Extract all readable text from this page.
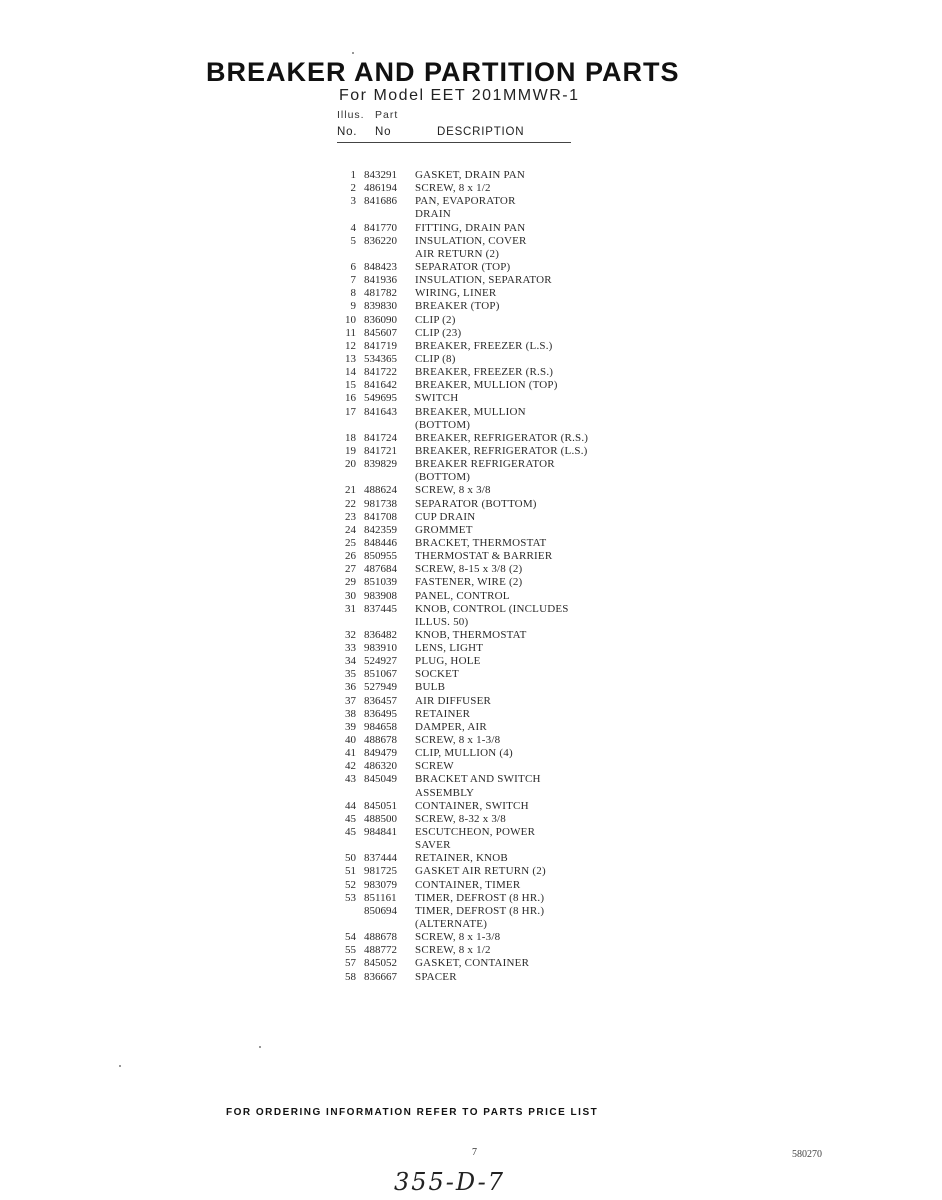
BREAKER AND PARTITION PARTS
For Model EET 201MMWR-1
Illus. Part
No. No	DESCRIPTION
1 843291 GASKET, DRAIN PAN
2 486194 SCREW, 8 x 1/2
3 841686 PAN, EVAPORATOR
DRAIN
4 841770 FITTING, DRAIN PAN
5 836220 INSULATION, COVER
AIR RETURN (2)
6 848423 SEPARATOR (TOP)
7 841936 INSULATION, SEPARATOR
8 481782 WIRING, LINER
9 839830 BREAKER (TOP)
10 836090 CLIP (2)
11 845607 CLIP (23)
12 841719 BREAKER, FREEZER (L.S.)
13 534365 CLIP (8)
14 841722 BREAKER, FREEZER (R.S.)
15 841642 BREAKER, MULLION (TOP)
16 549695 SWITCH
17 841643 BREAKER, MULLION
(BOTTOM)
18 841724 BREAKER, REFRIGERATOR (R.S.)
19 841721 BREAKER, REFRIGERATOR (L.S.)
20 839829 BREAKER REFRIGERATOR
(BOTTOM)
21 488624 SCREW, 8 x 3/8
22 981738 SEPARATOR (BOTTOM)
23 841708 CUP DRAIN
24 842359 GROMMET
25 848446 BRACKET, THERMOSTAT
26 850955 THERMOSTAT & BARRIER
27 487684 SCREW, 8-15 x 3/8 (2)
29 851039 FASTENER, WIRE (2)
30 983908 PANEL, CONTROL
31 837445 KNOB, CONTROL (INCLUDES
ILLUS. 50)
32 836482 KNOB, THERMOSTAT
33 983910 LENS, LIGHT
34 524927 PLUG, HOLE
35 851067 SOCKET
36 527949 BULB
37 836457 AIR DIFFUSER
38 836495 RETAINER
39 984658 DAMPER, AIR
40 488678 SCREW, 8 x 1-3/8
41 849479 CLIP, MULLION (4)
42 486320 SCREW
43 845049 BRACKET AND SWITCH
ASSEMBLY
44 845051 CONTAINER, SWITCH
45 488500 SCREW, 8-32 x 3/8
45 984841 ESCUTCHEON, POWER
SAVER
50 837444 RETAINER, KNOB
51 981725 GASKET AIR RETURN (2)
52 983079 CONTAINER, TIMER
53 851161 TIMER, DEFROST (8 HR.)
850694 TIMER, DEFROST (8 HR.)
(ALTERNATE)
54 488678 SCREW, 8 x 1-3/8
55 488772 SCREW, 8 x 1/2
57 845052 GASKET, CONTAINER
58 836667 SPACER
FOR ORDERING INFORMATION REFER TO PARTS PRICE LIST
7	580270
355-D-7
